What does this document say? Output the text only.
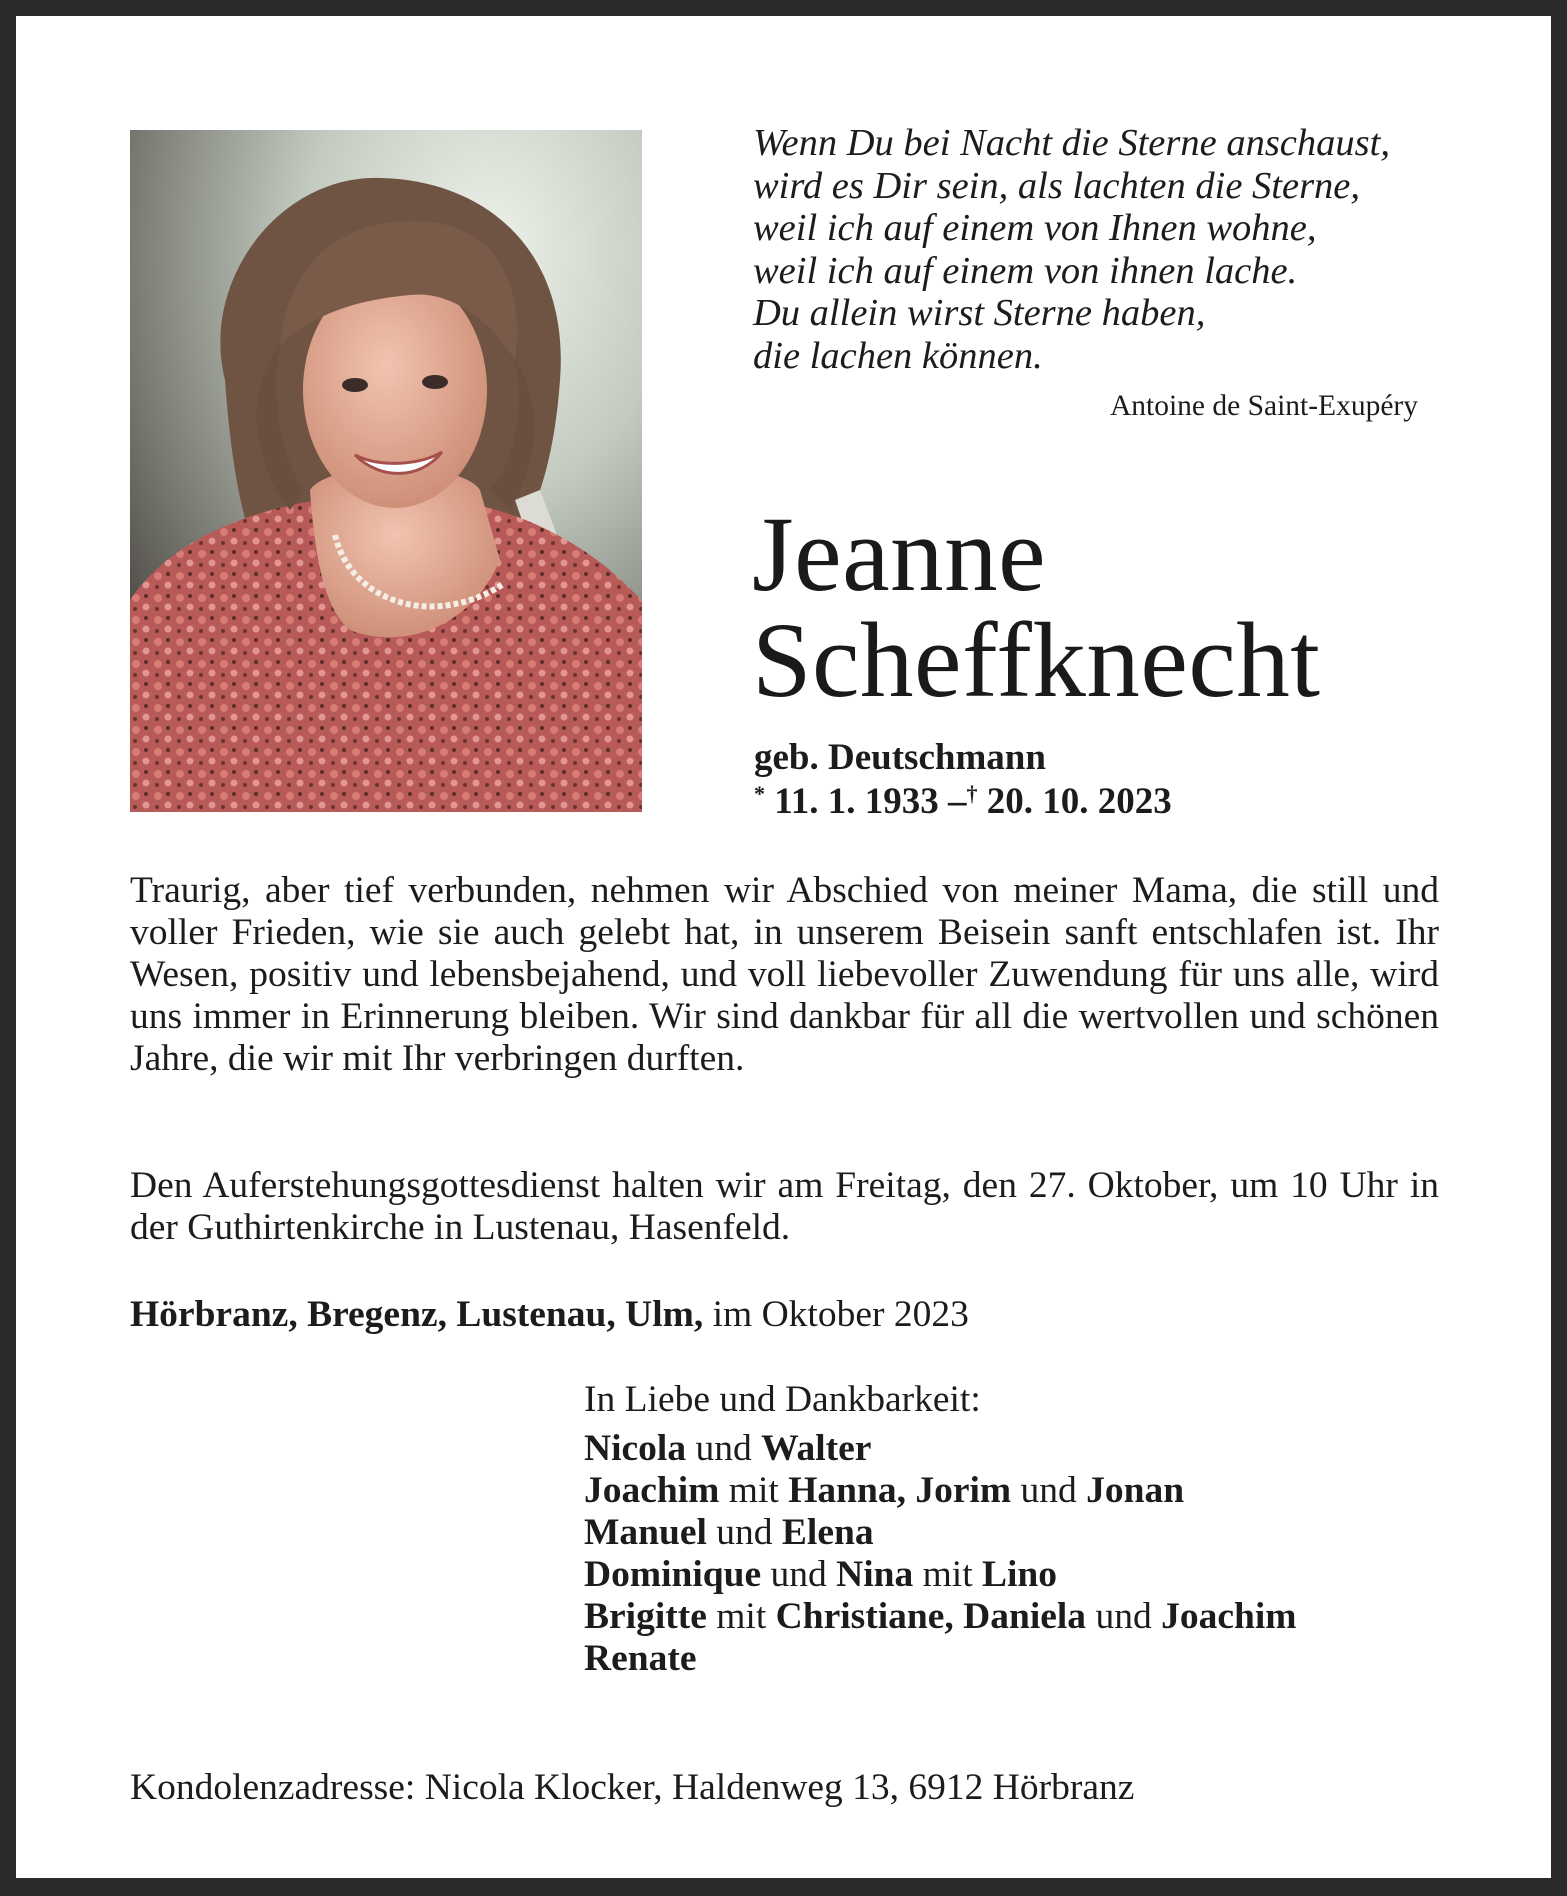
Wenn Du bei Nacht die Sterne anschaust,
wird es Dir sein, als lachten die Sterne,
weil ich auf einem von Ihnen wohne,
weil ich auf einem von ihnen lache.
Du allein wirst Sterne haben,
die lachen können.
Antoine de Saint-Exupéry
Jeanne
Scheffknecht
geb. Deutschmann
* 11. 1. 1933 –† 20. 10. 2023
Traurig, aber tief verbunden, nehmen wir Abschied von meiner Mama, die still und voller Frieden, wie sie auch gelebt hat, in unserem Beisein sanft entschlafen ist. Ihr Wesen, positiv und lebensbejahend, und voll liebevoller Zuwendung für uns alle, wird uns immer in Erinnerung bleiben. Wir sind dankbar für all die wertvollen und schönen Jahre, die wir mit Ihr verbringen durften.
Den Auferstehungsgottesdienst halten wir am Freitag, den 27. Oktober, um 10 Uhr in der Guthirtenkirche in Lustenau, Hasenfeld.
Hörbranz, Bregenz, Lustenau, Ulm, im Oktober 2023
In Liebe und Dankbarkeit:
Nicola und Walter
Joachim mit Hanna, Jorim und Jonan
Manuel und Elena
Dominique und Nina mit Lino
Brigitte mit Christiane, Daniela und Joachim
Renate
Kondolenzadresse: Nicola Klocker, Haldenweg 13, 6912 Hörbranz
